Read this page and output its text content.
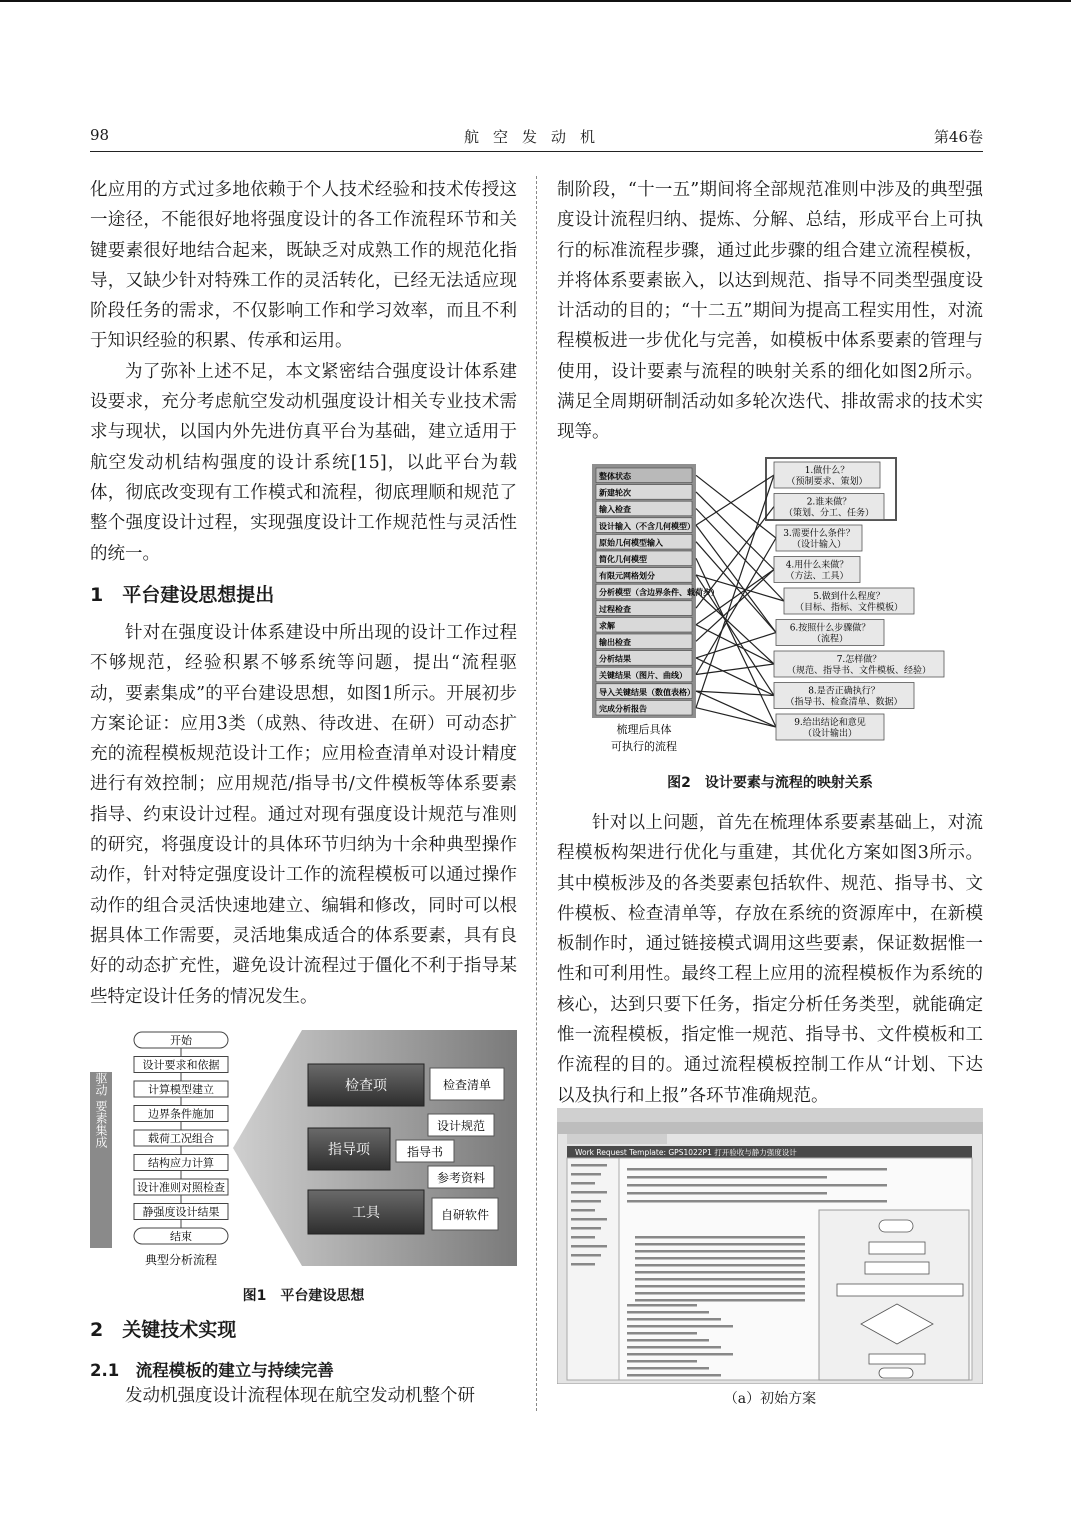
98	航空发动机	第46卷

化应用的方式过多地依赖于个人技术经验和技术传授这一途径，不能很好地将强度设计的各工作流程环节和关键要素很好地结合起来，既缺乏对成熟工作的规范化指导，又缺少针对特殊工作的灵活转化，已经无法适应现阶段任务的需求，不仅影响工作和学习效率，而且不利于知识经验的积累、传承和运用。

为了弥补上述不足，本文紧密结合强度设计体系建设要求，充分考虑航空发动机强度设计相关专业技术需求与现状，以国内外先进仿真平台为基础，建立适用于航空发动机结构强度的设计系统[15]，以此平台为载体，彻底改变现有工作模式和流程，彻底理顺和规范了整个强度设计过程，实现强度设计工作规范性与灵活性的统一。

1　平台建设思想提出

针对在强度设计体系建设中所出现的设计工作过程不够规范，经验积累不够系统等问题，提出“流程驱动，要素集成”的平台建设思想，如图1所示。开展初步方案论证：应用3类（成熟、待改进、在研）可动态扩充的流程模板规范设计工作；应用检查清单对设计精度进行有效控制；应用规范/指导书/文件模板等体系要素指导、约束设计过程。通过对现有强度设计规范与准则的研究，将强度设计的具体环节归纳为十余种典型操作动作，针对特定强度设计工作的流程模板可以通过操作动作的组合灵活快速地建立、编辑和修改，同时可以根据具体工作需要，灵活地集成适合的体系要素，具有良好的动态扩充性，避免设计流程过于僵化不利于指导某些特定设计任务的情况发生。

流程驱动 要素集成
开始
设计要求和依据
计算模型建立
边界条件施加
载荷工况组合
结构应力计算
设计准则对照检查
静强度设计结果
结束
典型分析流程
检查项
指导项
工具
检查清单
设计规范
指导书
参考资料
自研软件
图1　平台建设思想
2　关键技术实现
2.1　流程模板的建立与持续完善

发动机强度设计流程体现在航空发动机整个研

制阶段，“十一五”期间将全部规范准则中涉及的典型强度设计流程归纳、提炼、分解、总结，形成平台上可执行的标准流程步骤，通过此步骤的组合建立流程模板，并将体系要素嵌入，以达到规范、指导不同类型强度设计活动的目的；“十二五”期间为提高工程实用性，对流程模板进一步优化与完善，如模板中体系要素的管理与使用，设计要素与流程的映射关系的细化如图2所示。满足全周期研制活动如多轮次迭代、排故需求的技术实现等。

整体状态
新建轮次
输入检查
设计输入（不含几何模型）
原始几何模型输入
简化几何模型
有限元网格划分
分析模型（含边界条件、载荷步）
过程检查
求解
输出检查
分析结果
关键结果（图片、曲线）
导入关键结果（数值表格）
完成分析报告
梳理后具体
可执行的流程
1.做什么？
（预制要求、策划）
2.谁来做？
（策划、分工、任务）
3.需要什么条件？
（设计输入）
4.用什么来做？
（方法、工具）
5.做到什么程度？
（目标、指标、文件模板）
6.按照什么步骤做？
（流程）
7.怎样做？
（规范、指导书、文件模板、经验）
8.是否正确执行？
（指导书、检查清单、数据）
9.给出结论和意见
（设计输出）
图2　设计要素与流程的映射关系

针对以上问题，首先在梳理体系要素基础上，对流程模板构架进行优化与重建，其优化方案如图3所示。其中模板涉及的各类要素包括软件、规范、指导书、文件模板、检查清单等，存放在系统的资源库中，在新模板制作时，通过链接模式调用这些要素，保证数据惟一性和可利用性。最终工程上应用的流程模板作为系统的核心，达到只要下任务，指定分析任务类型，就能确定惟一流程模板，指定惟一规范、指导书、文件模板和工作流程的目的。通过流程模板控制工作从“计划、下达以及执行和上报”各环节准确规范。

Work Request Template: GPS1022P1 打开验收与静力强度设计
（a）初始方案
